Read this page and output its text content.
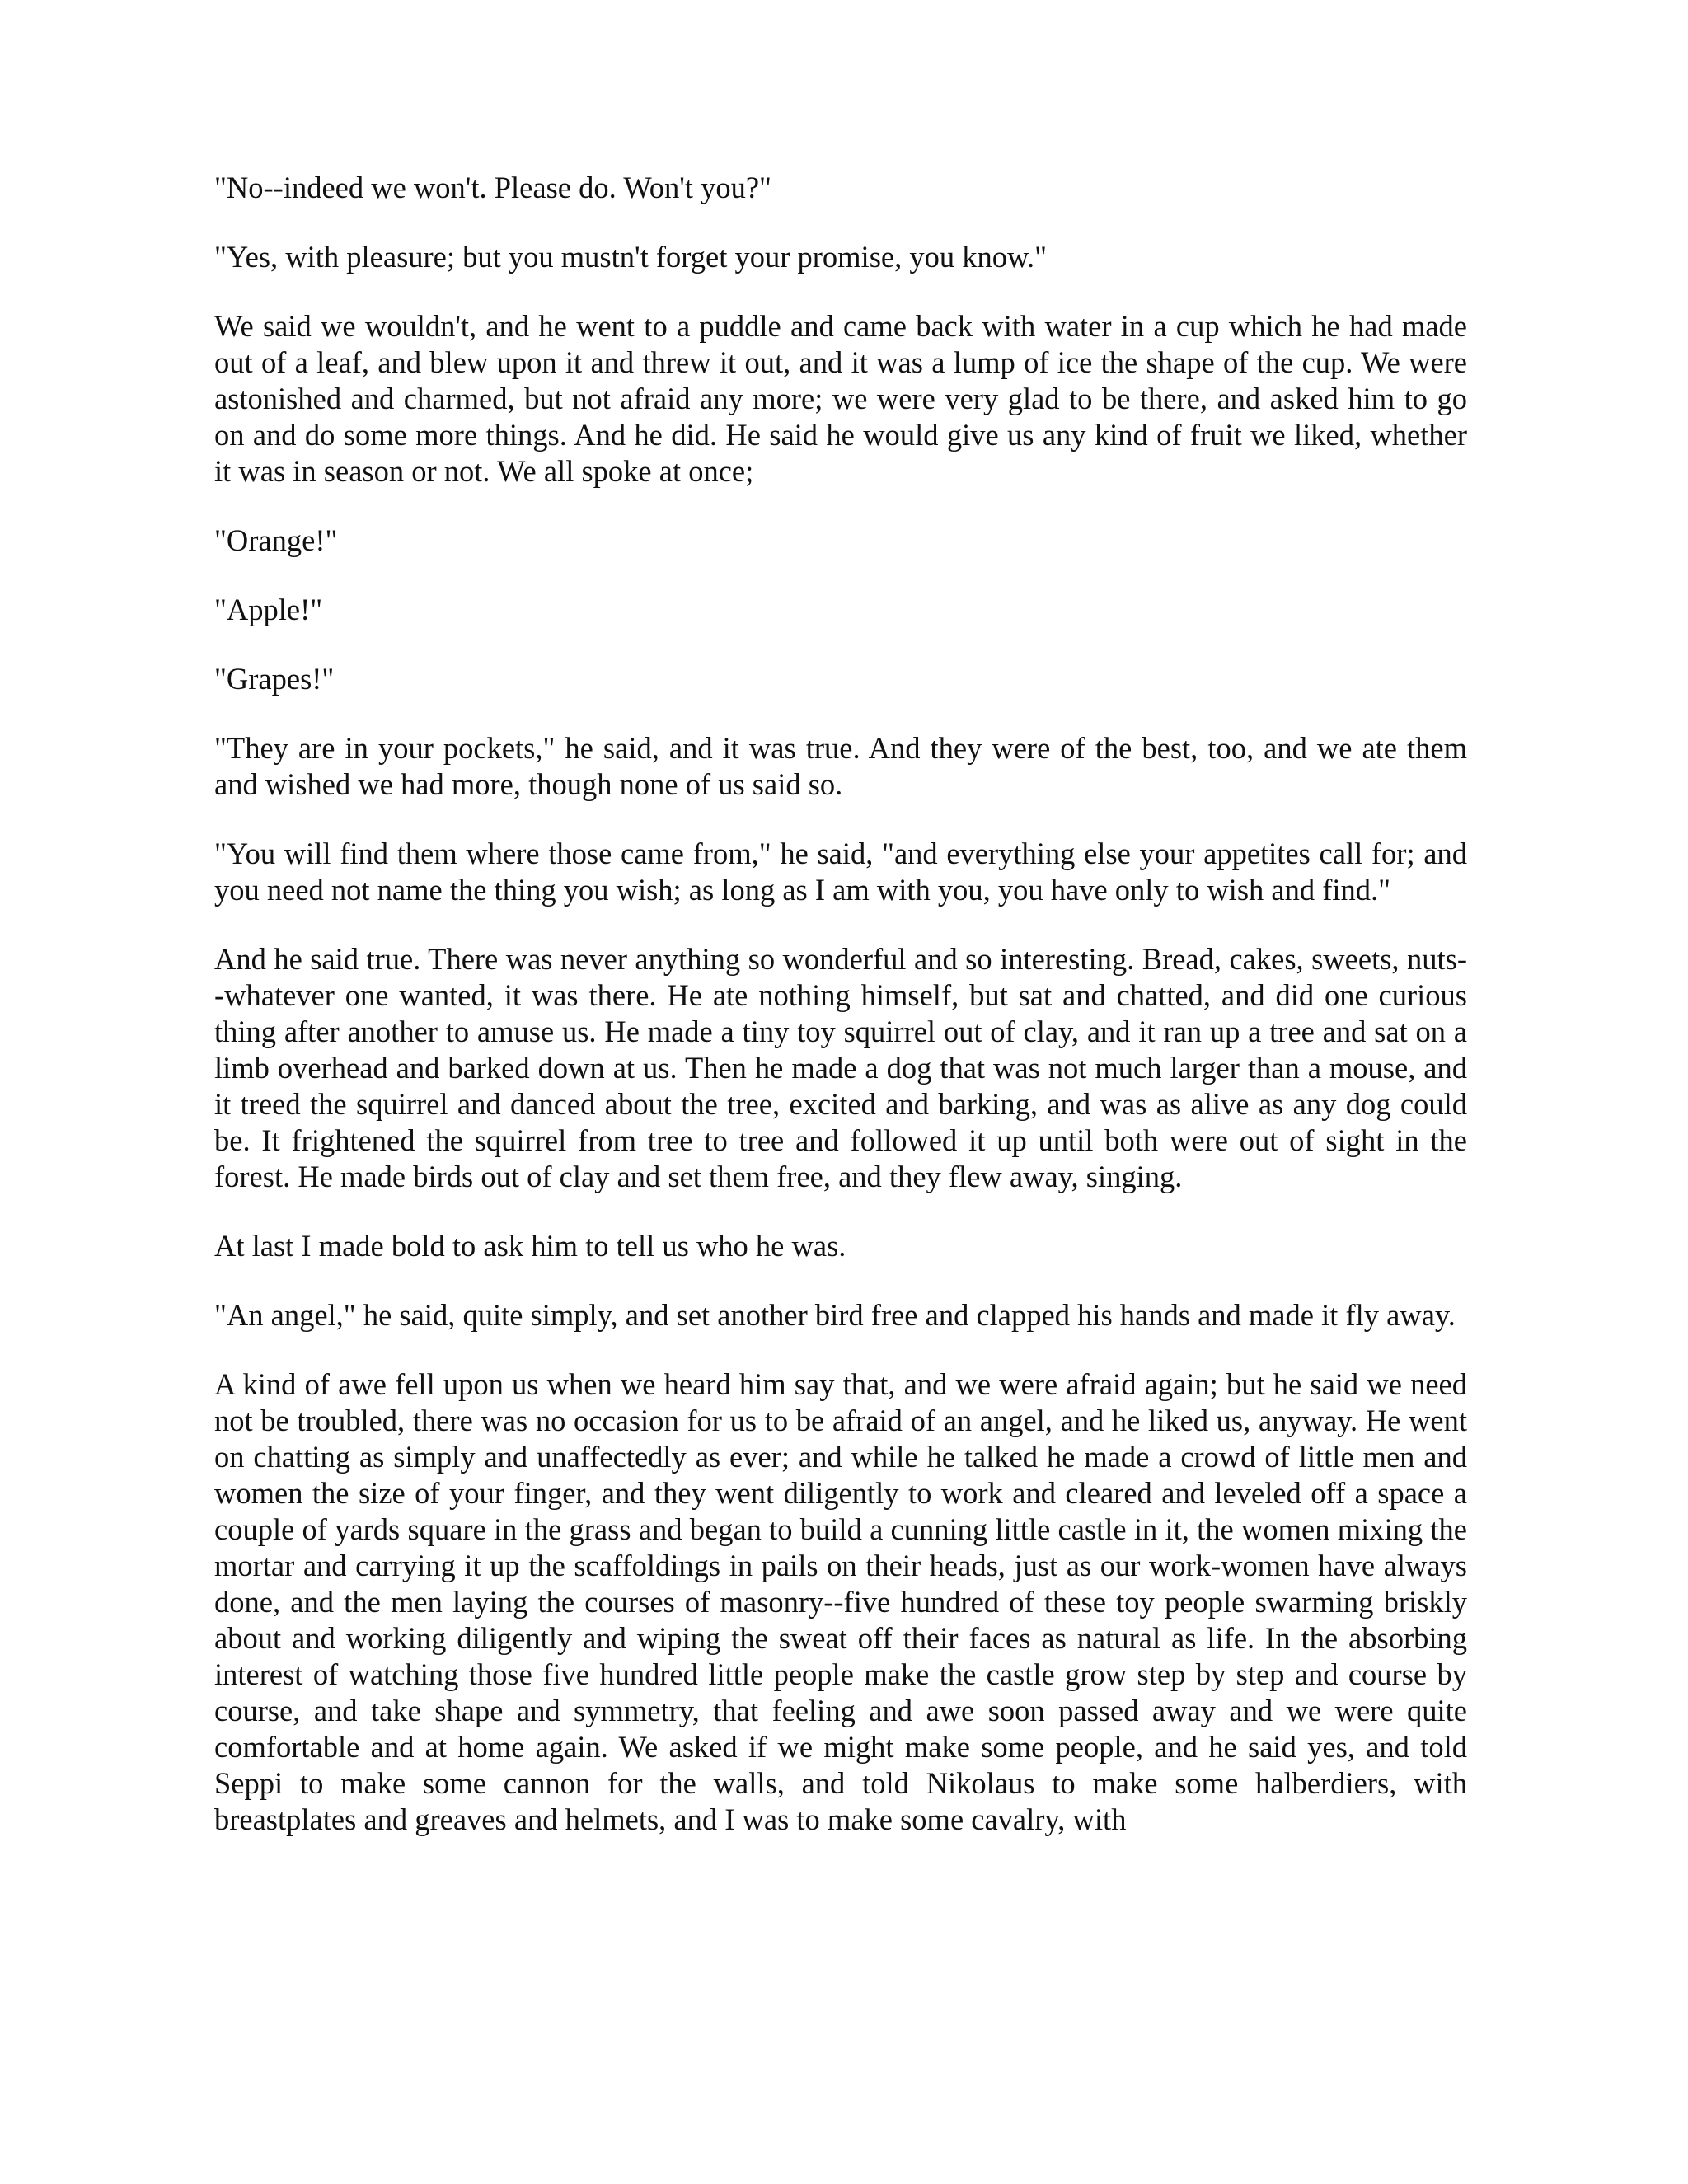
"No--indeed we won't. Please do. Won't you?"

"Yes, with pleasure; but you mustn't forget your promise, you know."

We said we wouldn't, and he went to a puddle and came back with water in a cup which he had made out of a leaf, and blew upon it and threw it out, and it was a lump of ice the shape of the cup. We were astonished and charmed, but not afraid any more; we were very glad to be there, and asked him to go on and do some more things. And he did. He said he would give us any kind of fruit we liked, whether it was in season or not. We all spoke at once;

"Orange!"

"Apple!"

"Grapes!"

"They are in your pockets," he said, and it was true. And they were of the best, too, and we ate them and wished we had more, though none of us said so.

"You will find them where those came from," he said, "and everything else your appetites call for; and you need not name the thing you wish; as long as I am with you, you have only to wish and find."

And he said true. There was never anything so wonderful and so interesting. Bread, cakes, sweets, nuts--whatever one wanted, it was there. He ate nothing himself, but sat and chatted, and did one curious thing after another to amuse us. He made a tiny toy squirrel out of clay, and it ran up a tree and sat on a limb overhead and barked down at us. Then he made a dog that was not much larger than a mouse, and it treed the squirrel and danced about the tree, excited and barking, and was as alive as any dog could be. It frightened the squirrel from tree to tree and followed it up until both were out of sight in the forest. He made birds out of clay and set them free, and they flew away, singing.

At last I made bold to ask him to tell us who he was.

"An angel," he said, quite simply, and set another bird free and clapped his hands and made it fly away.

A kind of awe fell upon us when we heard him say that, and we were afraid again; but he said we need not be troubled, there was no occasion for us to be afraid of an angel, and he liked us, anyway. He went on chatting as simply and unaffectedly as ever; and while he talked he made a crowd of little men and women the size of your finger, and they went diligently to work and cleared and leveled off a space a couple of yards square in the grass and began to build a cunning little castle in it, the women mixing the mortar and carrying it up the scaffoldings in pails on their heads, just as our work-women have always done, and the men laying the courses of masonry--five hundred of these toy people swarming briskly about and working diligently and wiping the sweat off their faces as natural as life. In the absorbing interest of watching those five hundred little people make the castle grow step by step and course by course, and take shape and symmetry, that feeling and awe soon passed away and we were quite comfortable and at home again. We asked if we might make some people, and he said yes, and told Seppi to make some cannon for the walls, and told Nikolaus to make some halberdiers, with breastplates and greaves and helmets, and I was to make some cavalry, with
